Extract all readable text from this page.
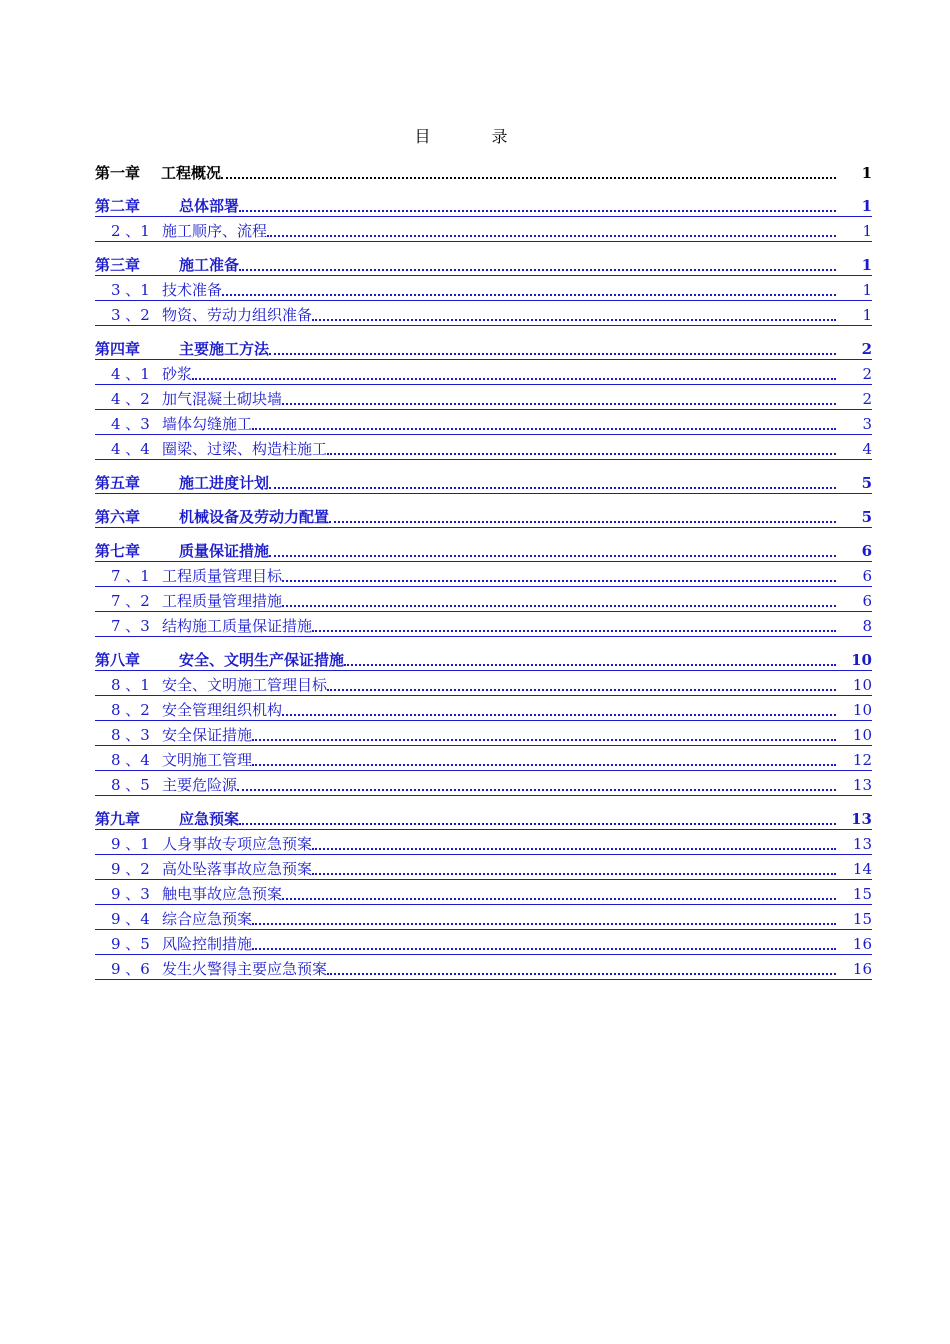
目 录
第一章	工程概况	1
第二章	总体部署	1
2 、1 施工顺序、流程	1
第三章	施工准备	1
3 、1 技术准备	1
3 、2 物资、劳动力组织准备	1
第四章	主要施工方法	2
4 、1 砂浆	2
4 、2 加气混凝土砌块墙	2
4 、3 墙体勾缝施工	3
4 、4 圈梁、过梁、构造柱施工	4
第五章	施工进度计划	5
第六章	机械设备及劳动力配置	5
第七章	质量保证措施	6
7 、1 工程质量管理目标	6
7 、2 工程质量管理措施	6
7 、3 结构施工质量保证措施	8
第八章	安全、文明生产保证措施	10
8 、1 安全、文明施工管理目标	10
8 、2 安全管理组织机构	10
8 、3 安全保证措施	10
8 、4 文明施工管理	12
8 、5 主要危险源	13
第九章	应急预案	13
9 、1 人身事故专项应急预案	13
9 、2 高处坠落事故应急预案	14
9 、3 触电事故应急预案	15
9 、4 综合应急预案	15
9 、5 风险控制措施	16
9 、6 发生火警得主要应急预案	16
